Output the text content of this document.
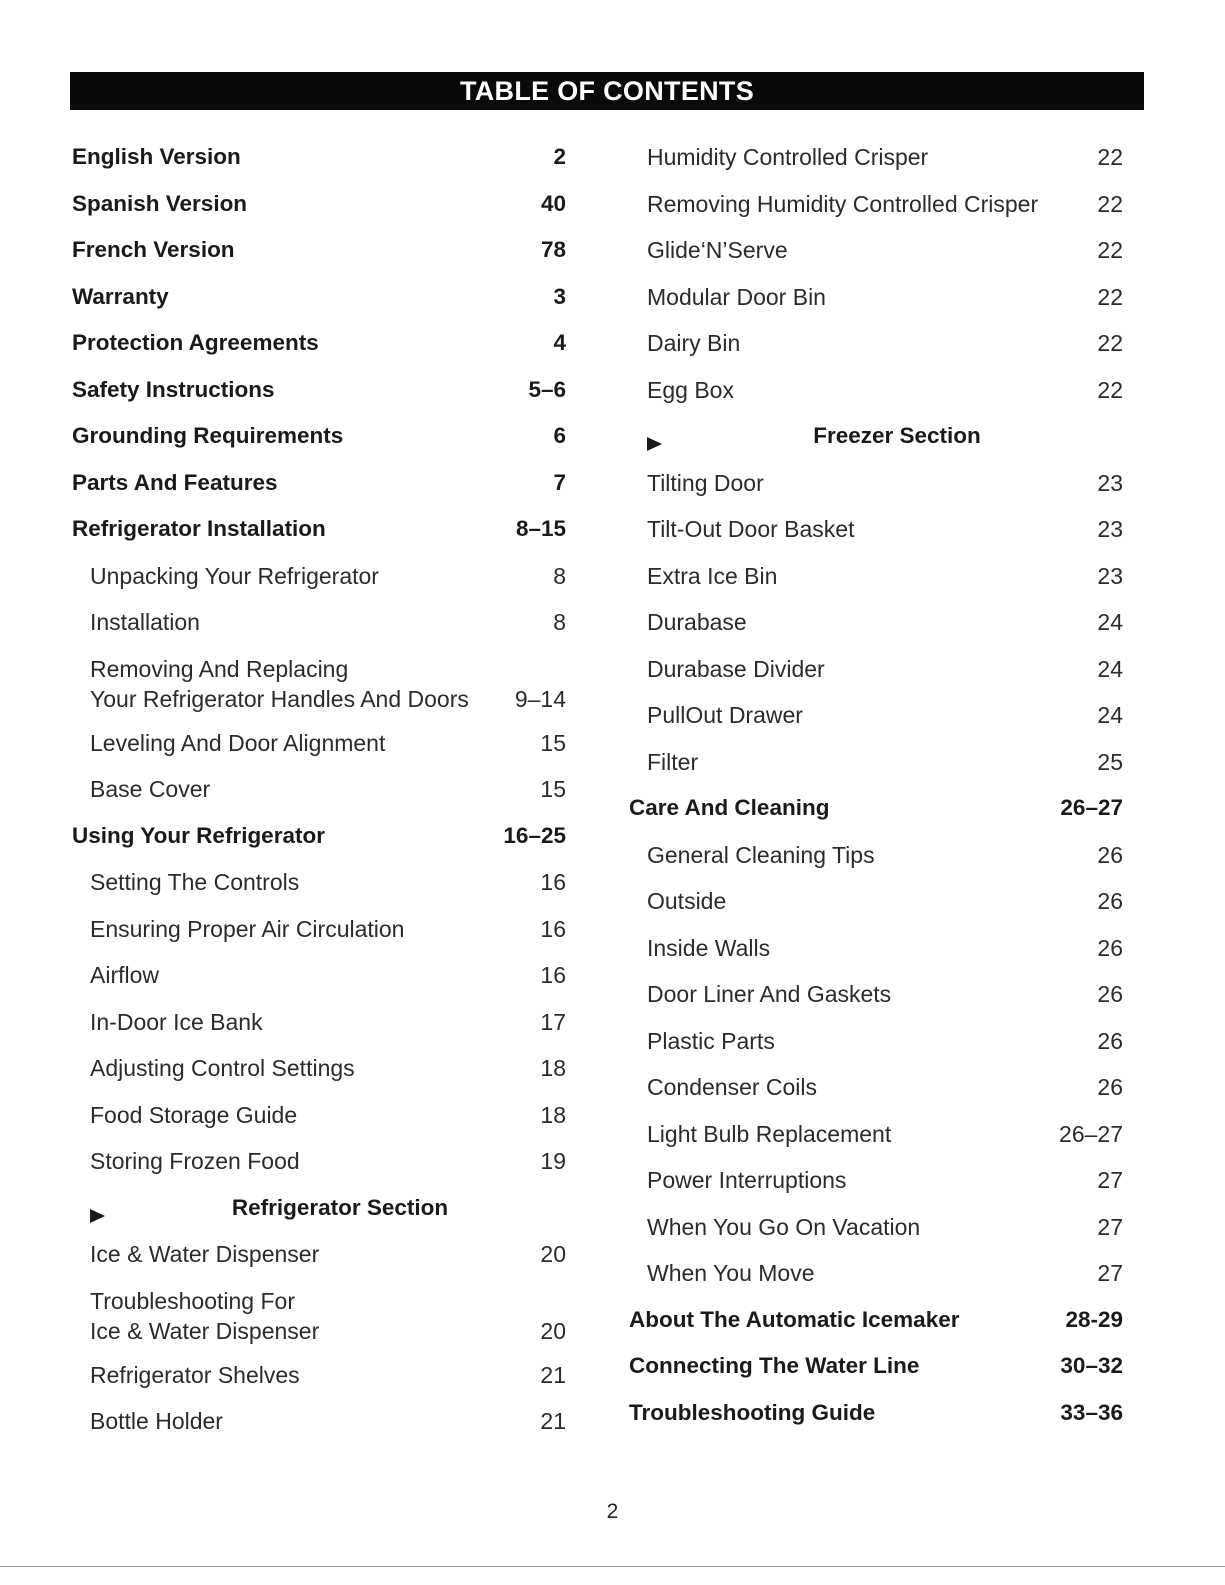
TABLE OF CONTENTS
English Version	2
Spanish Version	40
French Version	78
Warranty	3
Protection Agreements	4
Safety Instructions	5–6
Grounding Requirements	6
Parts And Features	7
Refrigerator Installation	8–15
Unpacking Your Refrigerator	8
Installation	8
Removing And Replacing
Your Refrigerator Handles And Doors 9–14
Leveling And Door Alignment	15
Base Cover	15
Using Your Refrigerator	16–25
Setting The Controls	16
Ensuring Proper Air Circulation	16
Airflow	16
In-Door Ice Bank	17
Adjusting Control Settings	18
Food Storage Guide	18
Storing Frozen Food	19
Refrigerator Section
Ice & Water Dispenser	20
Troubleshooting For
Ice & Water Dispenser	20
Refrigerator Shelves	21
Bottle Holder	21
Humidity Controlled Crisper	22
Removing Humidity Controlled Crisper	22
Glide‘N’Serve	22
Modular Door Bin	22
Dairy Bin	22
Egg Box	22
Freezer Section
Tilting Door	23
Tilt-Out Door Basket	23
Extra Ice Bin	23
Durabase	24
Durabase Divider	24
PullOut Drawer	24
Filter	25
Care And Cleaning	26–27
General Cleaning Tips	26
Outside	26
Inside Walls	26
Door Liner And Gaskets	26
Plastic Parts	26
Condenser Coils	26
Light Bulb Replacement	26–27
Power Interruptions	27
When You Go On Vacation	27
When You Move	27
About The Automatic Icemaker	28-29
Connecting The Water Line	30–32
Troubleshooting Guide	33–36
2
